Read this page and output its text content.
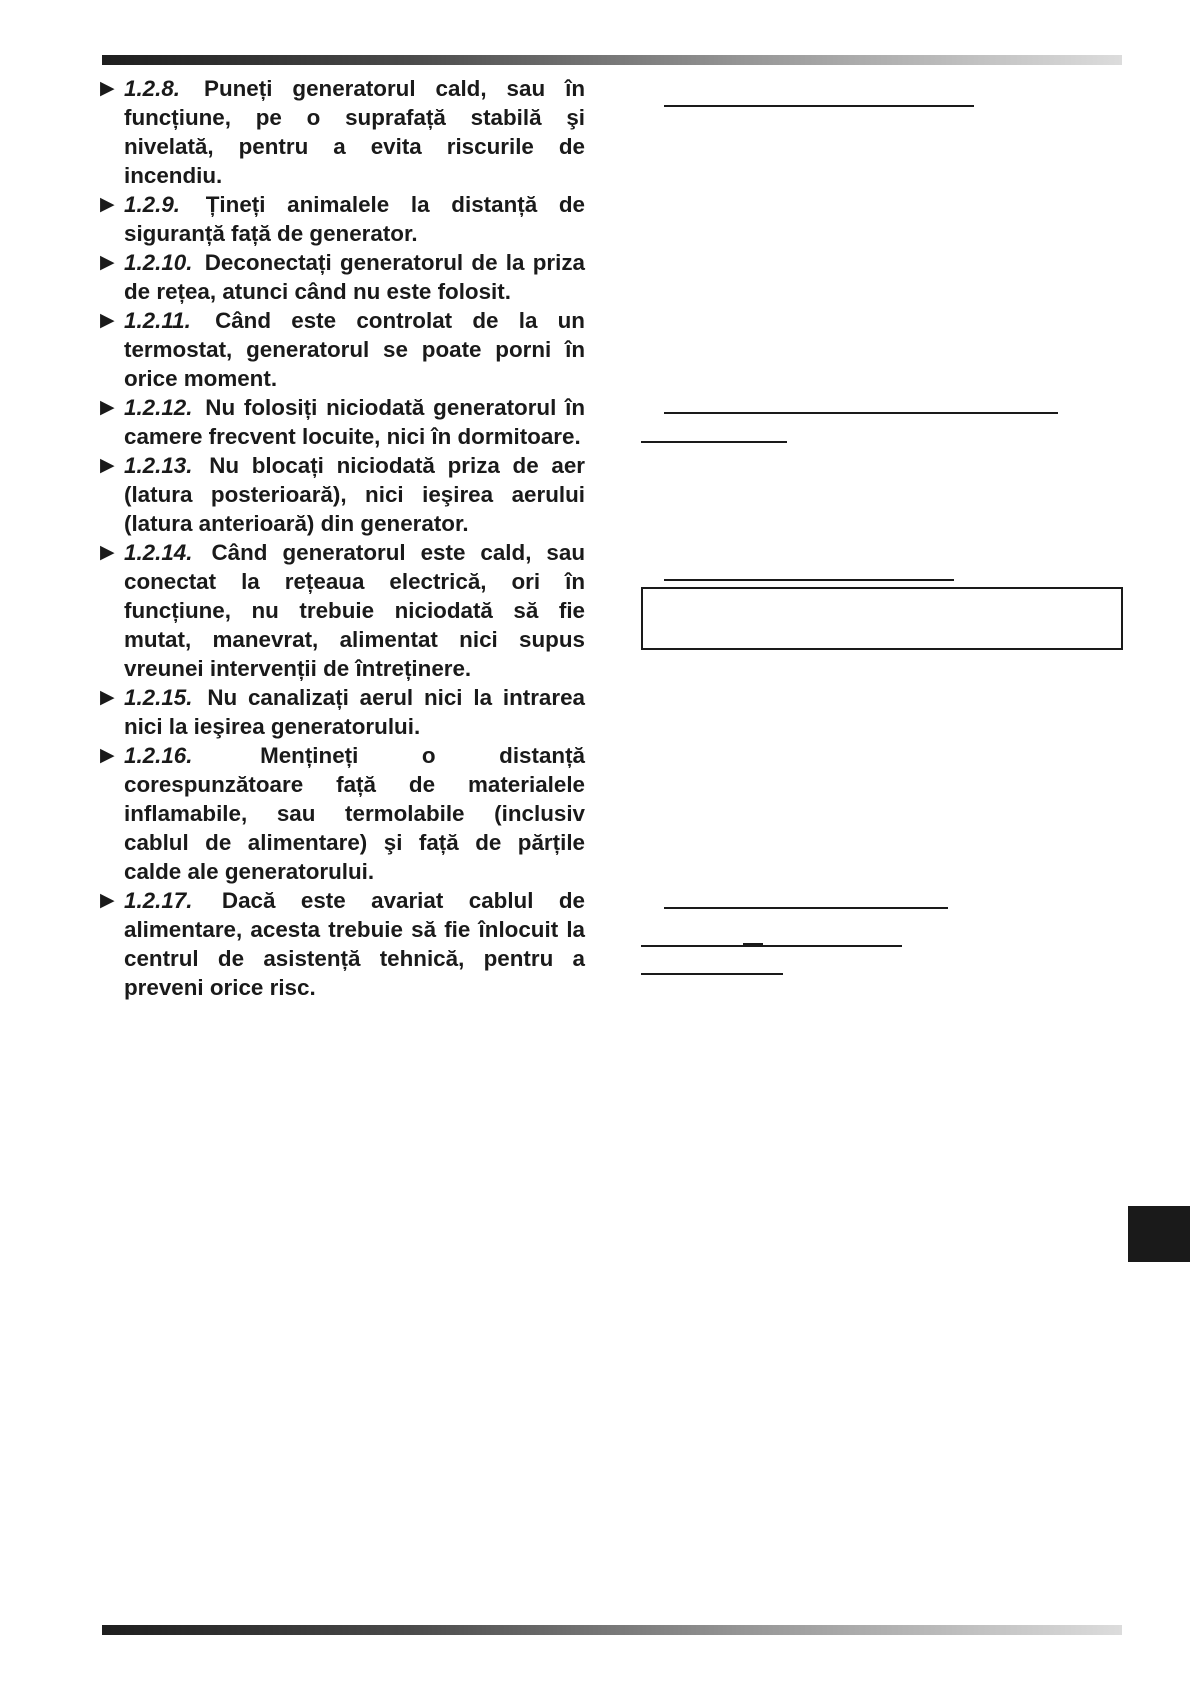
▶ 1.2.8. Puneți generatorul cald, sau în funcțiune, pe o suprafață stabilă şi nivelată, pentru a evita riscurile de incendiu.
▶ 1.2.9. Țineți animalele la distanță de siguranță față de generator.
▶ 1.2.10. Deconectați generatorul de la priza de rețea, atunci când nu este folosit.
▶ 1.2.11. Când este controlat de la un termostat, generatorul se poate porni în orice moment.
▶ 1.2.12. Nu folosiți niciodată generatorul în camere frecvent locuite, nici în dormitoare.
▶ 1.2.13. Nu blocați niciodată priza de aer (latura posterioară), nici ieşirea aerului (latura anterioară) din generator.
▶ 1.2.14. Când generatorul este cald, sau conectat la rețeaua electrică, ori în funcțiune, nu trebuie niciodată să fie mutat, manevrat, alimentat nici supus vreunei intervenții de întreținere.
▶ 1.2.15. Nu canalizați aerul nici la intrarea nici la ieşirea generatorului.
▶ 1.2.16.	Mențineți o distanță corespunzătoare față de materialele inflamabile, sau termolabile (inclusiv cablul de alimentare) şi față de părțile calde ale generatorului.
▶ 1.2.17. Dacă este avariat cablul de alimentare, acesta trebuie să fie înlocuit la centrul de asistență tehnică, pentru a preveni orice risc.
